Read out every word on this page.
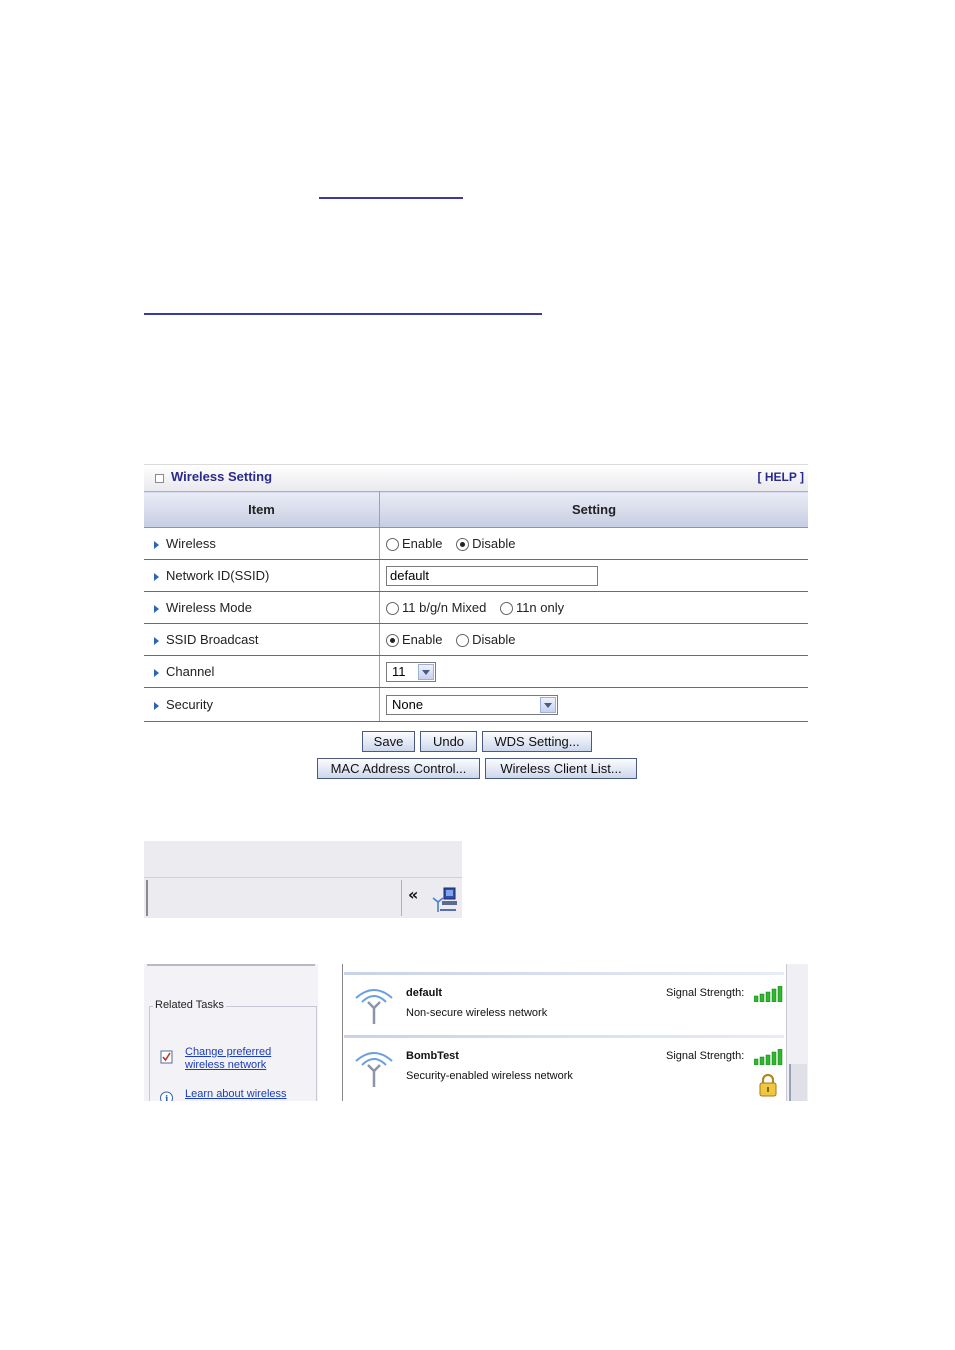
Wireless Setting	[ HELP ]
Item	Setting
Wireless	Enable Disable
Network ID(SSID)	default
Wireless Mode	11 b/g/n Mixed 11n only
SSID Broadcast	Enable Disable
Channel	11

Security	None
Save	Undo	WDS Setting...
MAC Address Control...	Wireless Client List...
«
Related Tasks
Change preferred
wireless network
i Learn about wireless
default
Non-secure wireless network
Signal Strength:
BombTest
Security-enabled wireless network
Signal Strength:
